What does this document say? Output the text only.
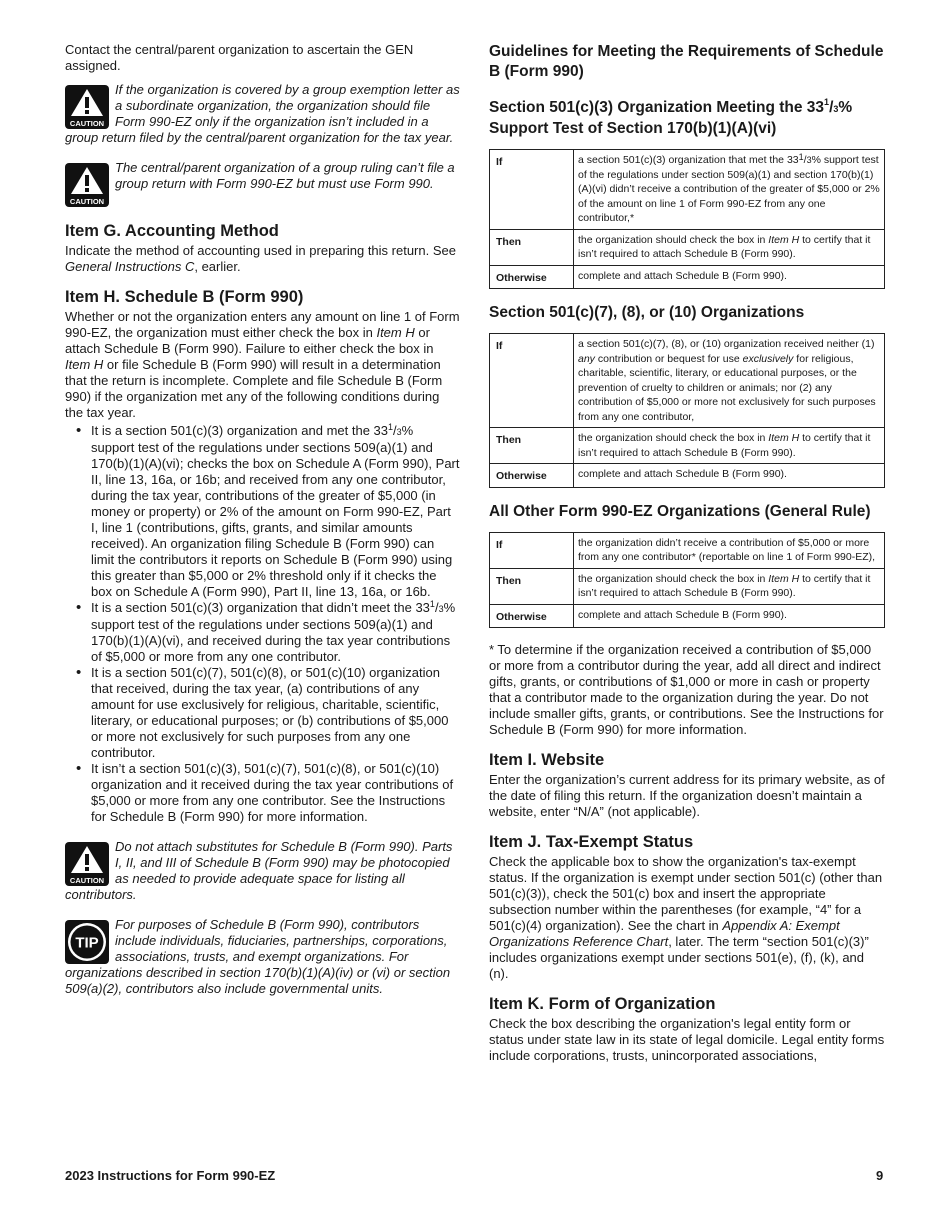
Contact the central/parent organization to ascertain the GEN assigned.

CAUTION
If the organization is covered by a group exemption letter as a subordinate organization, the organization should file Form 990-EZ only if the organization isn’t included in a group return filed by the central/parent organization for the tax year.
CAUTION
The central/parent organization of a group ruling can’t file a group return with Form 990-EZ but must use Form 990.

Item G. Accounting Method

Indicate the method of accounting used in preparing this return. See General Instructions C, earlier.

Item H. Schedule B (Form 990)

Whether or not the organization enters any amount on line 1 of Form 990-EZ, the organization must either check the box in Item H or attach Schedule B (Form 990). Failure to either check the box in Item H or file Schedule B (Form 990) will result in a determination that the return is incomplete. Complete and file Schedule B (Form 990) if the organization met any of the following conditions during the tax year.

• It is a section 501(c)(3) organization and met the $33^1/3\%$ support test of the regulations under sections 509(a)(1) and 170(b)(1)(A)(vi); checks the box on Schedule A (Form 990), Part II, line 13, 16a, or 16b; and received from any one contributor, during the tax year, contributions of the greater of $5,000 (in money or property) or 2% of the amount on Form 990-EZ, Part I, line 1 (contributions, gifts, grants, and similar amounts received). An organization filing Schedule B (Form 990) can limit the contributors it reports on Schedule B (Form 990) using this greater than $5,000 or 2% threshold only if it checks the box on Schedule A (Form 990), Part II, line 13, 16a, or 16b.
• It is a section 501(c)(3) organization that didn’t meet the $33^1/3\%$ support test of the regulations under sections 509(a)(1) and 170(b)(1)(A)(vi), and received during the tax year contributions of $5,000 or more from any one contributor.
• It is a section 501(c)(7), 501(c)(8), or 501(c)(10) organization that received, during the tax year, (a) contributions of any amount for use exclusively for religious, charitable, scientific, literary, or educational purposes; or (b) contributions of $5,000 or more not exclusively for such purposes from any one contributor.
• It isn’t a section 501(c)(3), 501(c)(7), 501(c)(8), or 501(c)(10) organization and it received during the tax year contributions of $5,000 or more from any one contributor. See the Instructions for Schedule B (Form 990) for more information.
CAUTION
Do not attach substitutes for Schedule B (Form 990). Parts I, II, and III of Schedule B (Form 990) may be photocopied as needed to provide adequate space for listing all contributors.
TIP
For purposes of Schedule B (Form 990), contributors include individuals, fiduciaries, partnerships, corporations, associations, trusts, and exempt organizations. For organizations described in section 170(b)(1)(A)(iv) or (vi) or section 509(a)(2), contributors also include governmental units.

Guidelines for Meeting the Requirements of Schedule B (Form 990)

Section 501(c)(3) Organization Meeting the $33^1/3\%$ Support Test of Section 170(b)(1)(A)(vi)

If	a section 501(c)(3) organization that met the 331/3% support test of the regulations under section 509(a)(1) and section 170(b)(1)(A)(vi) didn’t receive a contribution of the greater of $5,000 or 2% of the amount on line 1 of Form 990-EZ from any one contributor,*
Then	the organization should check the box in Item H to certify that it isn’t required to attach Schedule B (Form 990).
Otherwise	complete and attach Schedule B (Form 990).

Section 501(c)(7), (8), or (10) Organizations

If	a section 501(c)(7), (8), or (10) organization received neither (1) any contribution or bequest for use exclusively for religious, charitable, scientific, literary, or educational purposes, or the prevention of cruelty to children or animals; nor (2) any contribution of $5,000 or more not exclusively for such purposes from any one contributor,
Then	the organization should check the box in Item H to certify that it isn’t required to attach Schedule B (Form 990).
Otherwise	complete and attach Schedule B (Form 990).

All Other Form 990-EZ Organizations (General Rule)

If	the organization didn’t receive a contribution of $5,000 or more from any one contributor* (reportable on line 1 of Form 990-EZ),
Then	the organization should check the box in Item H to certify that it isn’t required to attach Schedule B (Form 990).
Otherwise	complete and attach Schedule B (Form 990).

* To determine if the organization received a contribution of $5,000 or more from a contributor during the year, add all direct and indirect gifts, grants, or contributions of $1,000 or more in cash or property that a contributor made to the organization during the year. Do not include smaller gifts, grants, or contributions. See the Instructions for Schedule B (Form 990) for more information.

Item I. Website

Enter the organization’s current address for its primary website, as of the date of filing this return. If the organization doesn’t maintain a website, enter “N/A” (not applicable).

Item J. Tax-Exempt Status

Check the applicable box to show the organization's tax-exempt status. If the organization is exempt under section 501(c) (other than 501(c)(3)), check the 501(c) box and insert the appropriate subsection number within the parentheses (for example, “4” for a 501(c)(4) organization). See the chart in Appendix A: Exempt Organizations Reference Chart, later. The term “section 501(c)(3)” includes organizations exempt under sections 501(e), (f), (k), and (n).

Item K. Form of Organization

Check the box describing the organization's legal entity form or status under state law in its state of legal domicile. Legal entity forms include corporations, trusts, unincorporated associations,

2023 Instructions for Form 990-EZ	9
